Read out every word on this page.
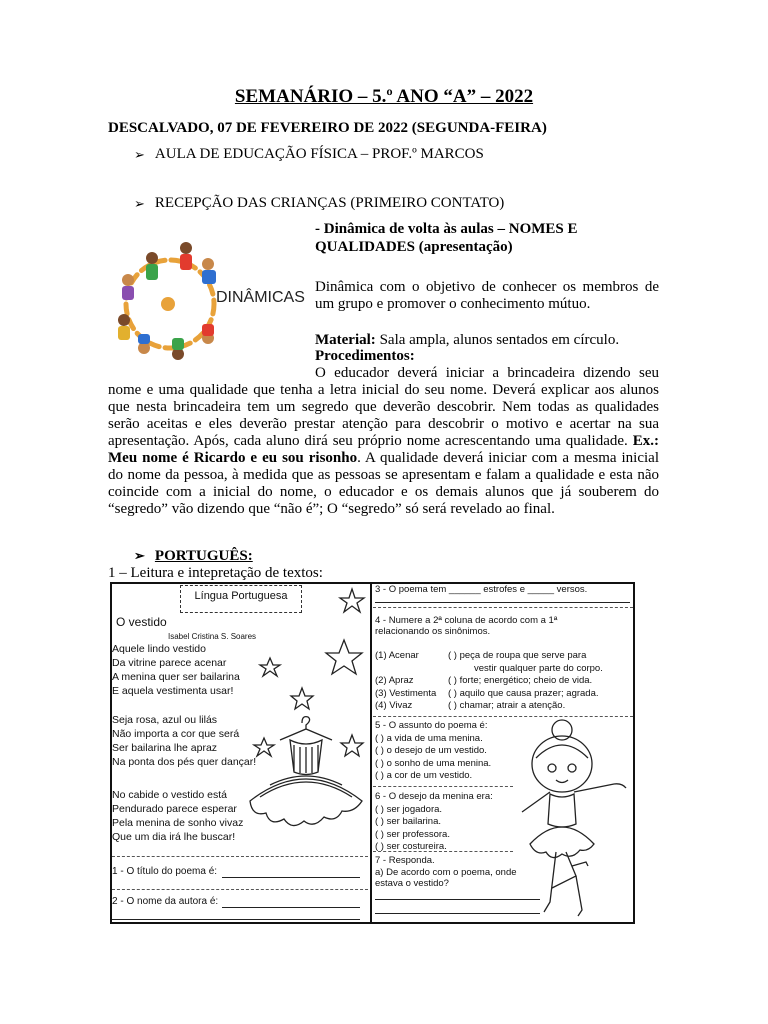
SEMANÁRIO – 5.º ANO “A” – 2022
DESCALVADO, 07 DE FEVEREIRO DE 2022 (SEGUNDA-FEIRA)
➢ AULA DE EDUCAÇÃO FÍSICA – PROF.º MARCOS
➢ RECEPÇÃO DAS CRIANÇAS (PRIMEIRO CONTATO)
DINÂMICAS
- Dinâmica de volta às aulas – NOMES E
QUALIDADES (apresentação)
Dinâmica com o objetivo de conhecer os membros de um grupo e promover o conhecimento mútuo.
Material: Sala ampla, alunos sentados em círculo.
Procedimentos:
O educador deverá iniciar a brincadeira dizendo seu
nome e uma qualidade que tenha a letra inicial do seu nome. Deverá explicar aos alunos que nesta brincadeira tem um segredo que deverão descobrir. Nem todas as qualidades serão aceitas e eles deverão prestar atenção para descobrir o motivo e acertar na sua apresentação. Após, cada aluno dirá seu próprio nome acrescentando uma qualidade. Ex.: Meu nome é Ricardo e eu sou risonho. A qualidade deverá iniciar com a mesma inicial do nome da pessoa, à medida que as pessoas se apresentam e falam a qualidade e esta não coincide com a inicial do nome, o educador e os demais alunos que já souberem do “segredo” vão dizendo que “não é”; O “segredo” só será revelado ao final.
➢ PORTUGUÊS:
1 – Leitura e intepretação de textos:
Língua Portuguesa
O vestido
Isabel Cristina S. Soares
Aquele lindo vestido
Da vitrine parece acenar
A menina quer ser bailarina
E aquela vestimenta usar!
Seja rosa, azul ou lilás
Não importa a cor que será
Ser bailarina lhe apraz
Na ponta dos pés quer dançar!
No cabide o vestido está
Pendurado parece esperar
Pela menina de sonho vivaz
Que um dia irá lhe buscar!
1 - O título do poema é:
2 - O nome da autora é:
3 - O poema tem ______ estrofes e _____ versos.
4 - Numere a 2ª coluna de acordo com a 1ª
relacionando os sinônimos.
(1) Acenar

(2) Apraz
(3) Vestimenta
(4) Vivaz
( ) peça de roupa que serve para
vestir qualquer parte do corpo.
( ) forte; energético; cheio de vida.
( ) aquilo que causa prazer; agrada.
( ) chamar; atrair a atenção.
5 - O assunto do poema é:
( ) a vida de uma menina.
( ) o desejo de um vestido.
( ) o sonho de uma menina.
( ) a cor de um vestido.
6 - O desejo da menina era:
( ) ser jogadora.
( ) ser bailarina.
( ) ser professora.
( ) ser costureira.
7 - Responda.
a) De acordo com o poema, onde
estava o vestido?
